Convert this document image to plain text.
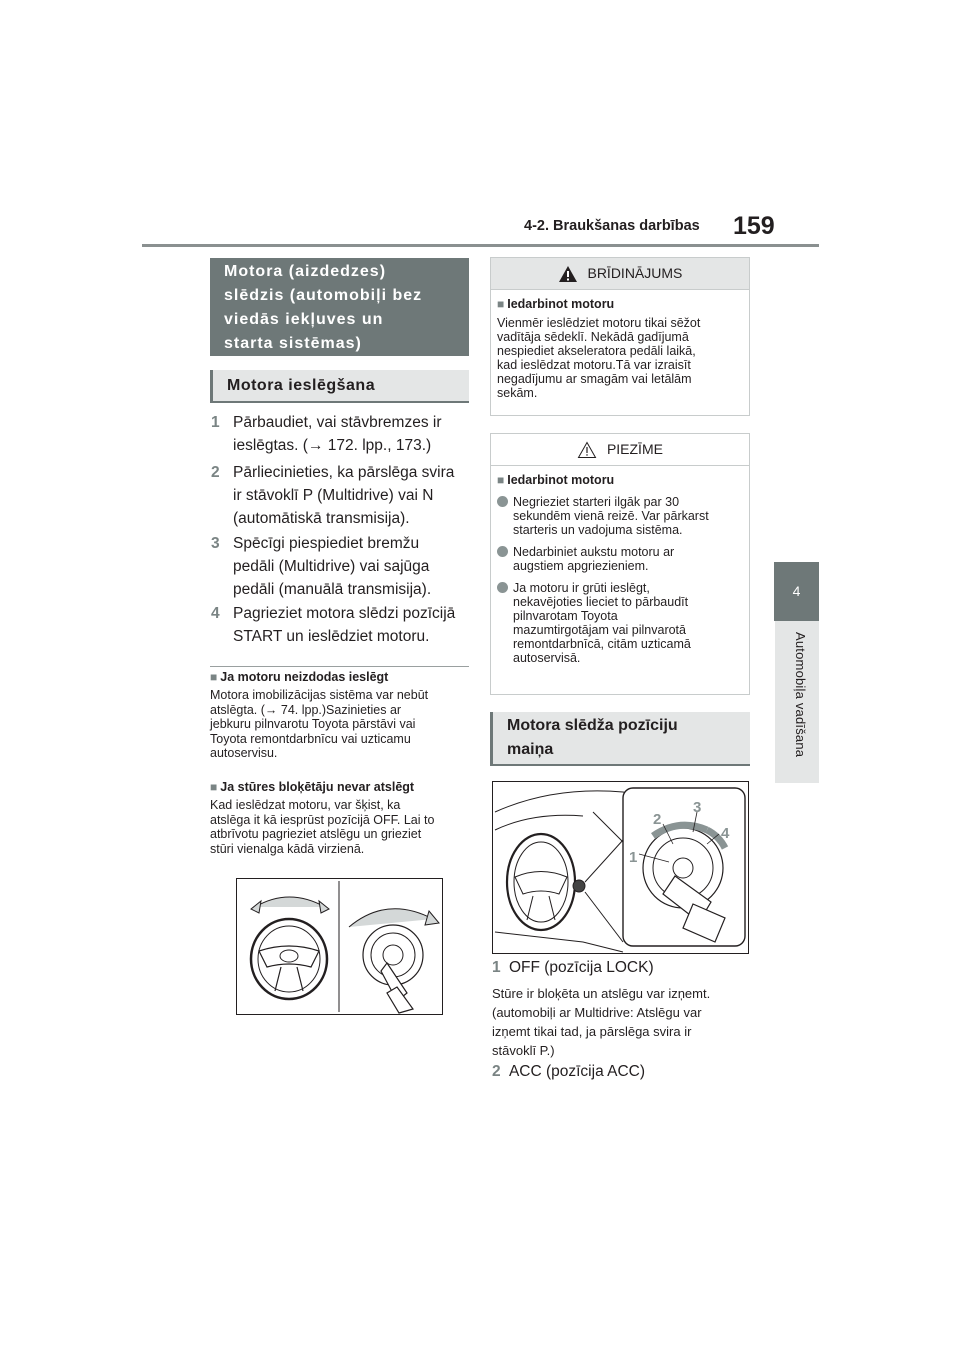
4-2. Braukšanas darbības 159
4
Automobiļa vadīšana
Motora (aizdedzes)
slēdzis (automobiļi bez
viedās iekļuves un
starta sistēmas)
Motora ieslēgšana
1 Pārbaudiet, vai stāvbremzes ir
ieslēgtas. (→ 172. lpp., 173.)
2 Pārliecinieties, ka pārslēga svira
ir stāvoklī P (Multidrive) vai N
(automātiskā transmisija).
3 Spēcīgi piespiediet bremžu
pedāli (Multidrive) vai sajūga
pedāli (manuālā transmisija).
4 Pagrieziet motora slēdzi pozīcijā
START un ieslēdziet motoru.
■ Ja motoru neizdodas ieslēgt
Motora imobilizācijas sistēma var nebūt
atslēgta. (→ 74. lpp.)Sazinieties ar
jebkuru pilnvarotu Toyota pārstāvi vai
Toyota remontdarbnīcu vai uzticamu
autoservisu.
■ Ja stūres bloķētāju nevar atslēgt
Kad ieslēdzat motoru, var šķist, ka
atslēga it kā iesprūst pozīcijā OFF. Lai to
atbrīvotu pagrieziet atslēgu un grieziet
stūri vienalga kādā virzienā.
BRĪDINĀJUMS
■ Iedarbinot motoru
Vienmēr ieslēdziet motoru tikai sēžot
vadītāja sēdeklī. Nekādā gadījumā
nespiediet akseleratora pedāli laikā,
kad ieslēdzat motoru.Tā var izraisīt
negadījumu ar smagām vai letālām
sekām.
PIEZĪME
■ Iedarbinot motoru
Negrieziet starteri ilgāk par 30
sekundēm vienā reizē. Var pārkarst
starteris un vadojuma sistēma.
Nedarbiniet aukstu motoru ar
augstiem apgriezieniem.
Ja motoru ir grūti ieslēgt,
nekavējoties lieciet to pārbaudīt
pilnvarotam Toyota
mazumtirgotājam vai pilnvarotā
remontdarbnīcā, citām uzticamā
autoservisā.
Motora slēdža pozīciju
maiņa
1
2
3
4
1 OFF (pozīcija LOCK)
Stūre ir bloķēta un atslēgu var izņemt.
(automobiļi ar Multidrive: Atslēgu var
izņemt tikai tad, ja pārslēga svira ir
stāvoklī P.)
2 ACC (pozīcija ACC)
